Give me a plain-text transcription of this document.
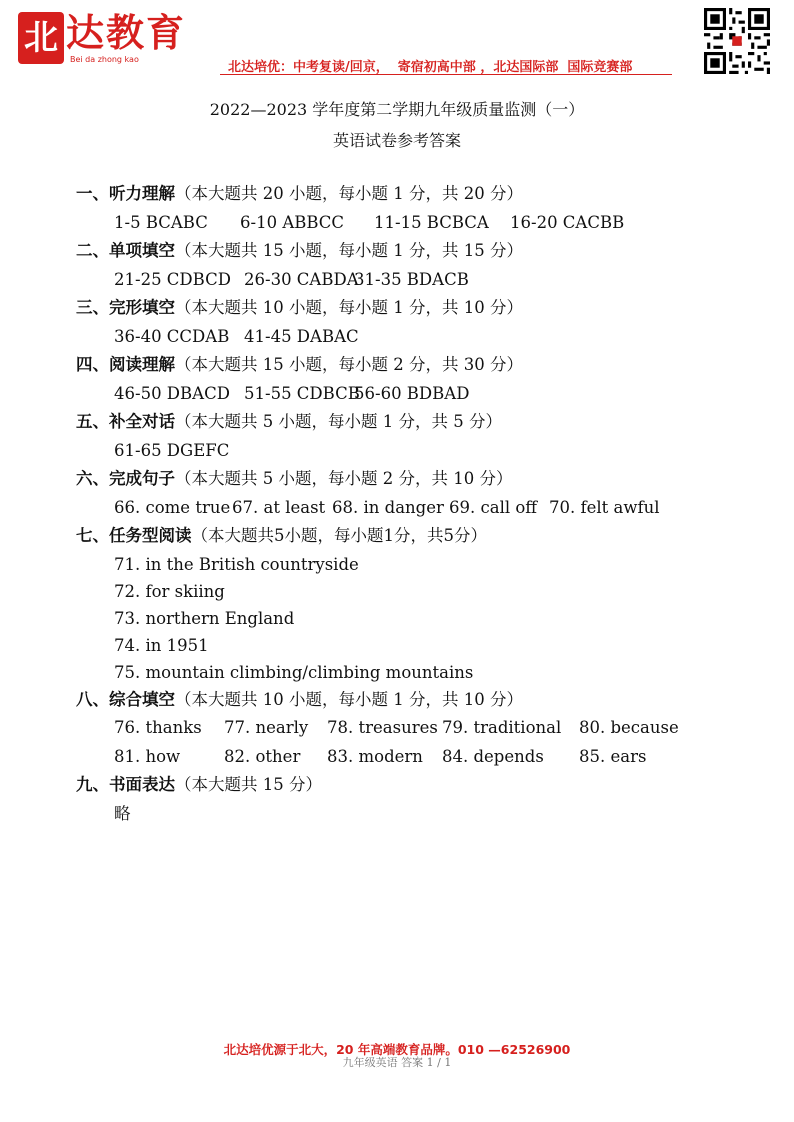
北 达教育
Bei da zhong kao
北达培优：中考复读/回京，  寄宿初高中部 ，北达国际部  国际竞赛部
2022—2023 学年度第二学期九年级质量监测（一）
英语试卷参考答案
一、听力理解（本大题共 20 小题，每小题 1 分，共 20 分）
1-5 BCABC 6-10 ABBCC 11-15 BCBCA 16-20 CACBB
二、单项填空（本大题共 15 小题，每小题 1 分，共 15 分）
21-25 CDBCD 26-30 CABDA
31-35 BDACB
三、完形填空（本大题共 10 小题，每小题 1 分，共 10 分）
36-40 CCDAB 41-45 DABAC
四、阅读理解（本大题共 15 小题，每小题 2 分，共 30 分）
46-50 DBACD 51-55 CDBCB
56-60 BDBAD
五、补全对话（本大题共 5 小题，每小题 1 分，共 5 分）
61-65 DGEFC
六、完成句子（本大题共 5 小题，每小题 2 分，共 10 分）
66. come true 67. at least 68. in danger 69. call off 70. felt awful
七、任务型阅读（本大题共5小题，每小题1分，共5分）
71. in the British countryside
72. for skiing
73. northern England
74. in 1951
75. mountain climbing/climbing mountains
八、综合填空（本大题共 10 小题，每小题 1 分，共 10 分）
76. thanks 77. nearly 78. treasures 79. traditional 80. because
81. how	82. other 83. modern 84. depends 85. ears
九、书面表达（本大题共 15 分）
略
北达培优源于北大，20 年高端教育品牌。010 —62526900
九年级英语 答案 1 / 1
